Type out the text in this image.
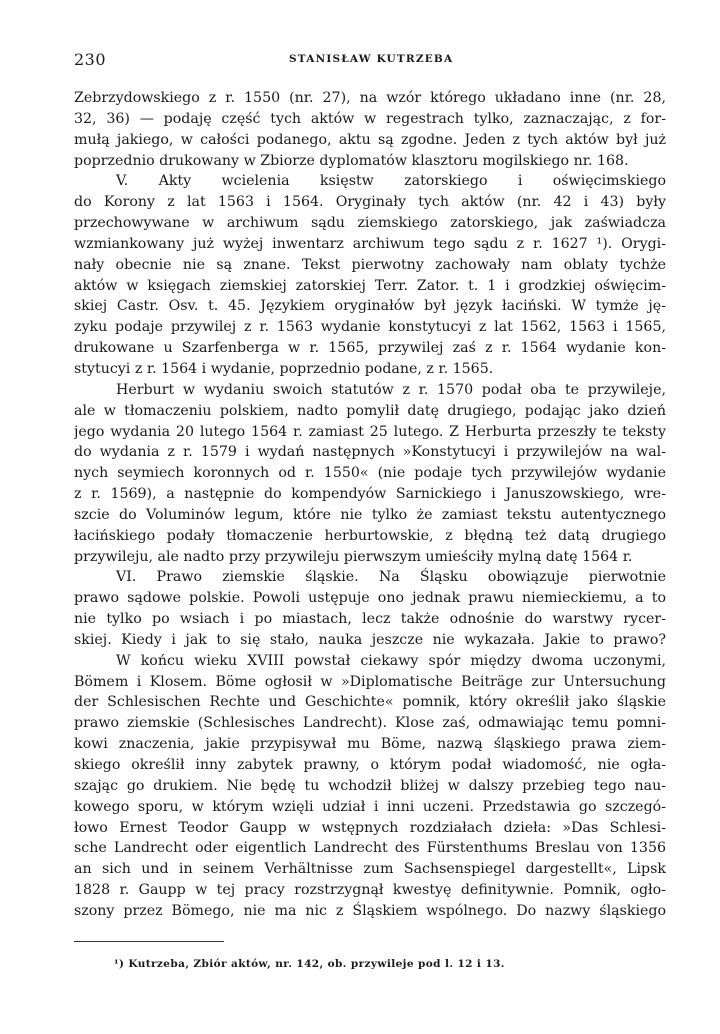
230	STANISŁAW KUTRZEBA
Zebrzydowskiego z r. 1550 (nr. 27), na wzór którego układano inne (nr. 28,
32, 36) — podaję część tych aktów w regestrach tylko, zaznaczając, z for-
mułą jakiego, w całości podanego, aktu są zgodne. Jeden z tych aktów był już
poprzednio drukowany w Zbiorze dyplomatów klasztoru mogilskiego nr. 168.
V. Akty wcielenia księstw zatorskiego i oświęcimskiego
do Korony z lat 1563 i 1564. Oryginały tych aktów (nr. 42 i 43) były
przechowywane w archiwum sądu ziemskiego zatorskiego, jak zaświadcza
wzmiankowany już wyżej inwentarz archiwum tego sądu z r. 1627 ¹). Orygi-
nały obecnie nie są znane. Tekst pierwotny zachowały nam oblaty tychże
aktów w księgach ziemskiej zatorskiej Terr. Zator. t. 1 i grodzkiej oświęcim-
skiej Castr. Osv. t. 45. Językiem oryginałów był język łaciński. W tymże ję-
zyku podaje przywilej z r. 1563 wydanie konstytucyi z lat 1562, 1563 i 1565,
drukowane u Szarfenberga w r. 1565, przywilej zaś z r. 1564 wydanie kon-
stytucyi z r. 1564 i wydanie, poprzednio podane, z r. 1565.
Herburt w wydaniu swoich statutów z r. 1570 podał oba te przywileje,
ale w tłomaczeniu polskiem, nadto pomylił datę drugiego, podając jako dzień
jego wydania 20 lutego 1564 r. zamiast 25 lutego. Z Herburta przeszły te teksty
do wydania z r. 1579 i wydań następnych »Konstytucyi i przywilejów na wal-
nych seymiech koronnych od r. 1550« (nie podaje tych przywilejów wydanie
z r. 1569), a następnie do kompendyów Sarnickiego i Januszowskiego, wre-
szcie do Voluminów legum, które nie tylko że zamiast tekstu autentycznego
łacińskiego podały tłomaczenie herburtowskie, z błędną też datą drugiego
przywileju, ale nadto przy przywileju pierwszym umieściły mylną datę 1564 r.
VI. Prawo ziemskie śląskie. Na Śląsku obowiązuje pierwotnie
prawo sądowe polskie. Powoli ustępuje ono jednak prawu niemieckiemu, a to
nie tylko po wsiach i po miastach, lecz także odnośnie do warstwy rycer-
skiej. Kiedy i jak to się stało, nauka jeszcze nie wykazała. Jakie to prawo?
W końcu wieku XVIII powstał ciekawy spór między dwoma uczonymi,
Bömem i Klosem. Böme ogłosił w »Diplomatische Beiträge zur Untersuchung
der Schlesischen Rechte und Geschichte« pomnik, który określił jako śląskie
prawo ziemskie (Schlesisches Landrecht). Klose zaś, odmawiając temu pomni-
kowi znaczenia, jakie przypisywał mu Böme, nazwą śląskiego prawa ziem-
skiego określił inny zabytek prawny, o którym podał wiadomość, nie ogła-
szając go drukiem. Nie będę tu wchodził bliżej w dalszy przebieg tego nau-
kowego sporu, w którym wzięli udział i inni uczeni. Przedstawia go szczegó-
łowo Ernest Teodor Gaupp w wstępnych rozdziałach dzieła: »Das Schlesi-
sche Landrecht oder eigentlich Landrecht des Fürstenthums Breslau von 1356
an sich und in seinem Verhältnisse zum Sachsenspiegel dargestellt«, Lipsk
1828 r. Gaupp w tej pracy rozstrzygnął kwestyę definitywnie. Pomnik, ogło-
szony przez Bömego, nie ma nic z Śląskiem wspólnego. Do nazwy śląskiego
¹) Kutrzeba, Zbiór aktów, nr. 142, ob. przywileje pod l. 12 i 13.
